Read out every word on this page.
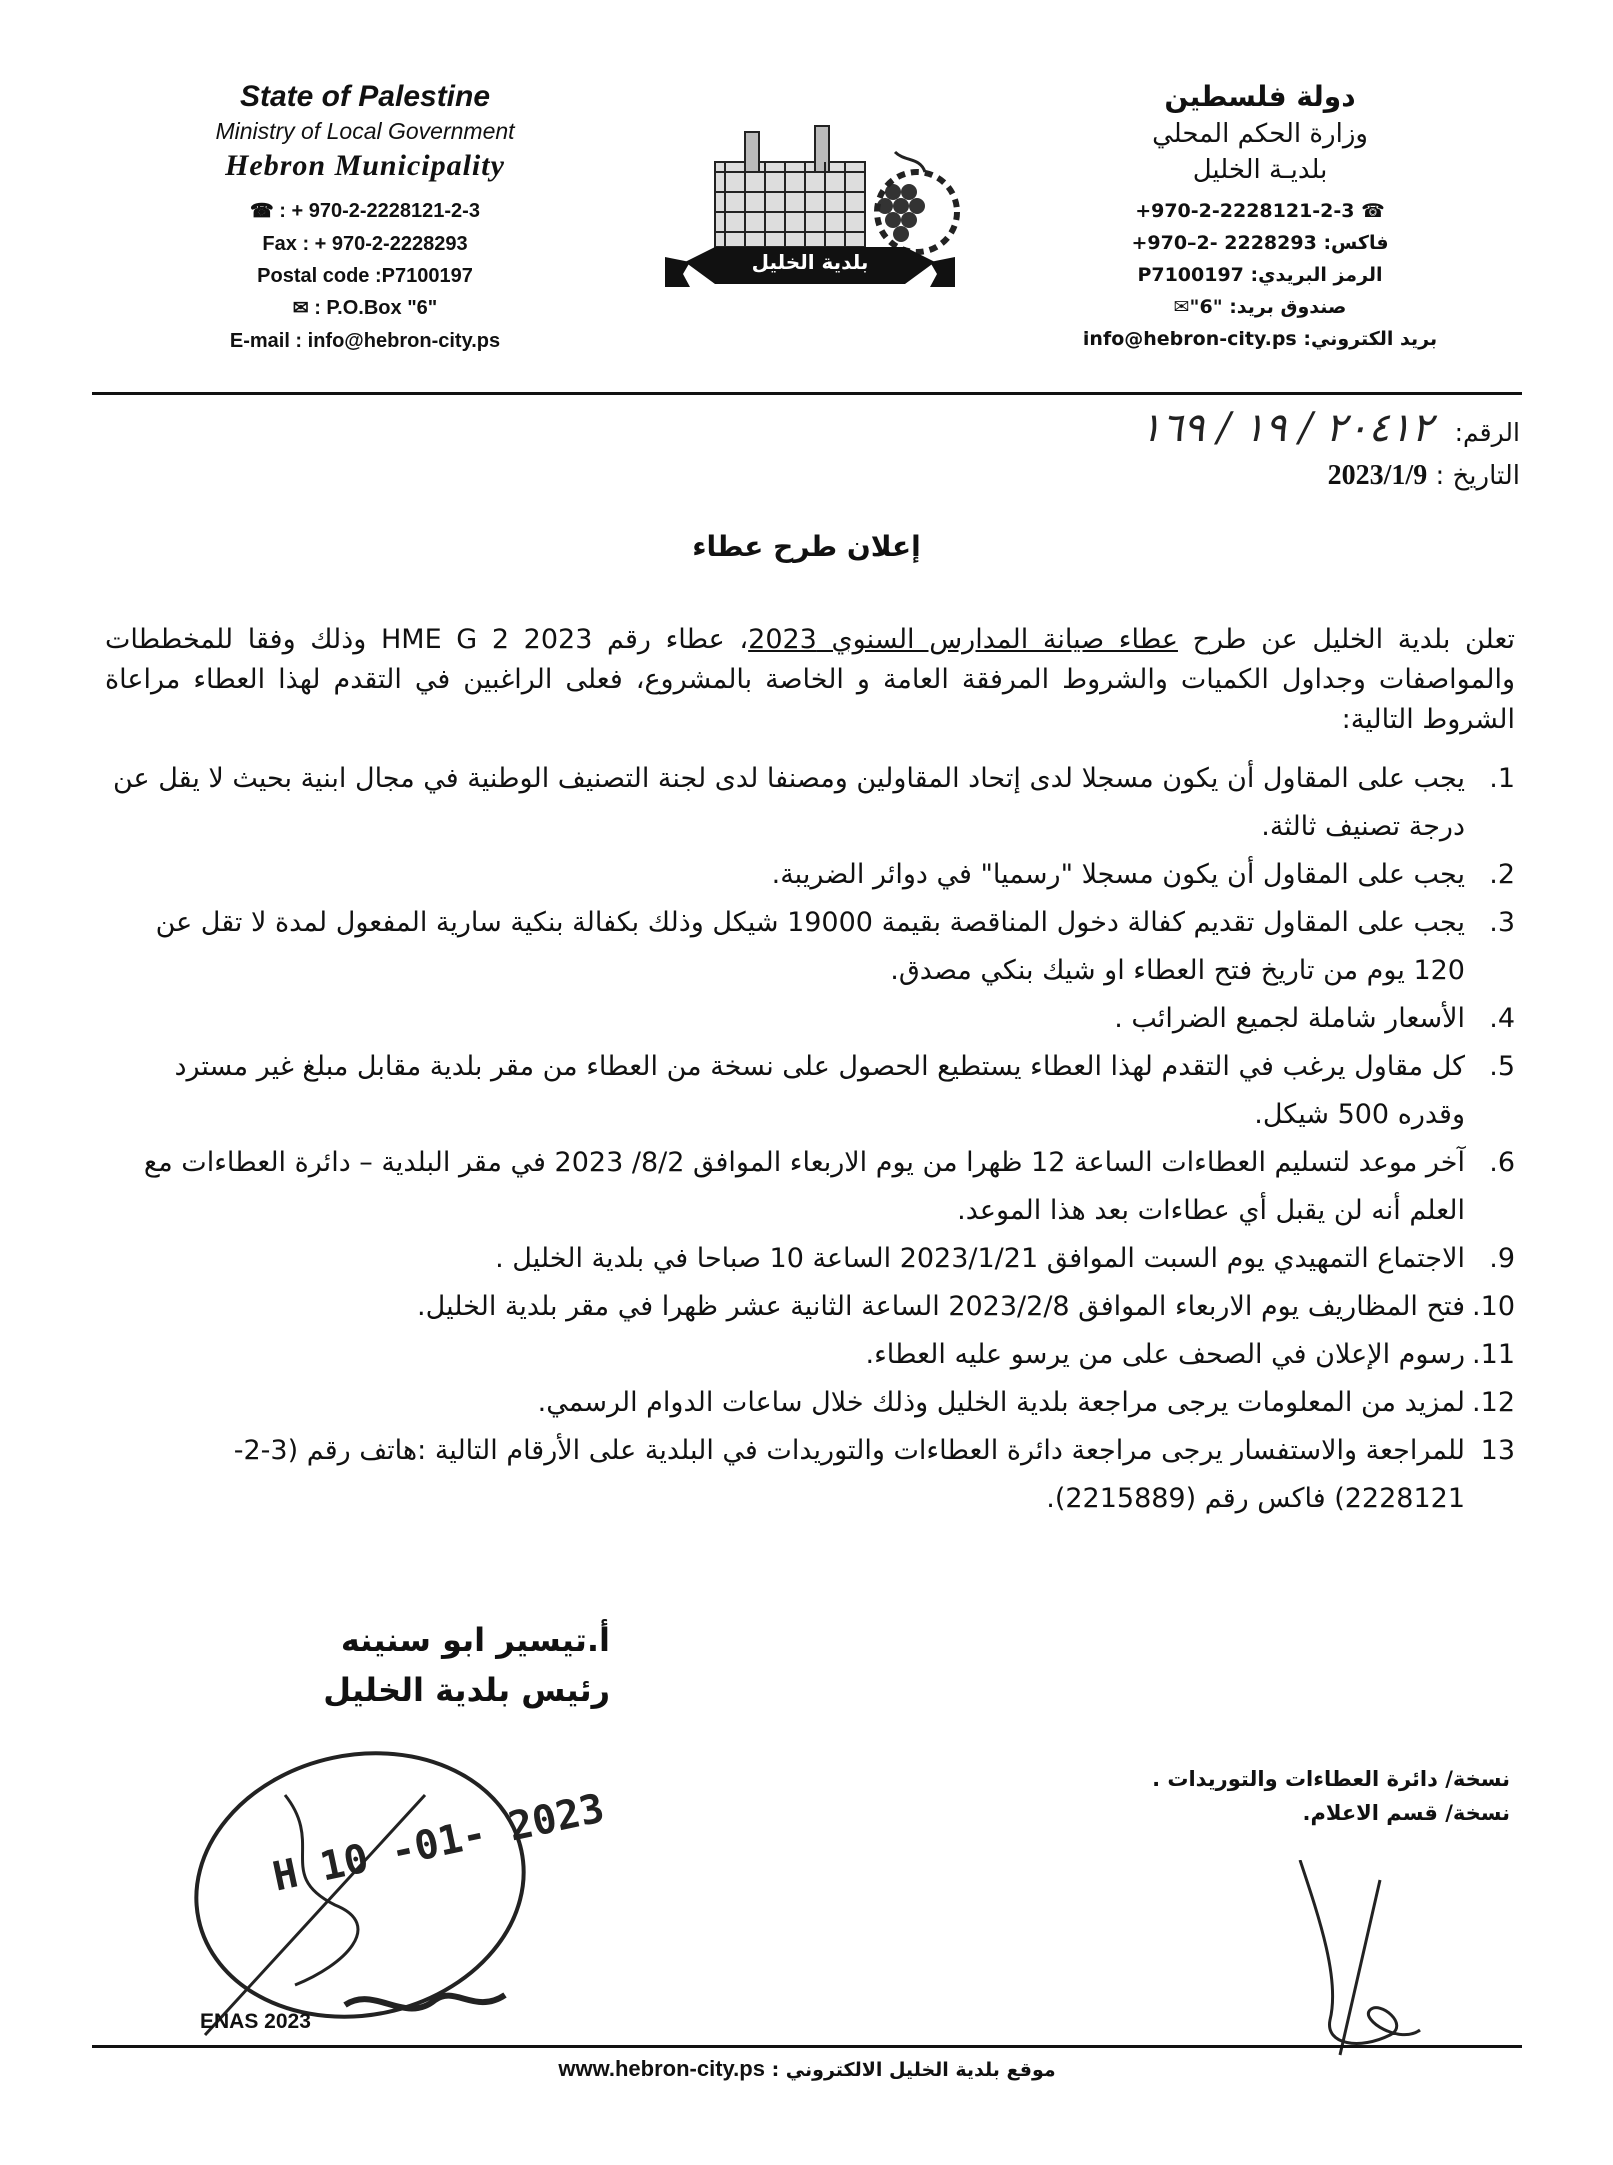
State of Palestine
Ministry of Local Government
Hebron Municipality
☎ : + 970-2-2228121-2-3
Fax : + 970-2-2228293
Postal code :P7100197
✉ : P.O.Box "6"
E-mail : info@hebron-city.ps
بلدية الخليل
دولة فلسطين
وزارة الحكم المحلي
بلديـة الخليل
☎ +970-2-2228121-2-3
فاكس: +970–2- 2228293
الرمز البريدي: P7100197
صندوق بريد: "6"✉
بريد الكتروني: info@hebron-city.ps
الرقم: ٢٠٤١٢ / ١٩ / ١٦٩
التاريخ : 2023/1/9
إعلان طرح عطاء
تعلن بلدية الخليل عن طرح عطاء صيانة المدارس السنوي 2023، عطاء رقم HME G 2 2023 وذلك وفقا للمخططات والمواصفات وجداول الكميات والشروط المرفقة العامة و الخاصة بالمشروع، فعلى الراغبين في التقدم لهذا العطاء مراعاة الشروط التالية:
1.
يجب على المقاول أن يكون مسجلا لدى إتحاد المقاولين ومصنفا لدى لجنة التصنيف الوطنية في مجال ابنية بحيث لا يقل عن درجة تصنيف ثالثة.
2.
يجب على المقاول أن يكون مسجلا "رسميا" في دوائر الضريبة.
3.
يجب على المقاول تقديم كفالة دخول المناقصة بقيمة 19000 شيكل وذلك بكفالة بنكية سارية المفعول لمدة لا تقل عن 120 يوم من تاريخ فتح العطاء او شيك بنكي مصدق.
4.
الأسعار شاملة لجميع الضرائب .
5.
كل مقاول يرغب في التقدم لهذا العطاء يستطيع الحصول على نسخة من العطاء من مقر بلدية مقابل مبلغ غير مسترد وقدره 500 شيكل.
6.
آخر موعد لتسليم العطاءات الساعة 12 ظهرا من يوم الاربعاء الموافق 8/2/ 2023 في مقر البلدية – دائرة العطاءات مع العلم أنه لن يقبل أي عطاءات بعد هذا الموعد.
9.
الاجتماع التمهيدي يوم السبت الموافق 2023/1/21 الساعة 10 صباحا في بلدية الخليل .
10.
فتح المظاريف يوم الاربعاء الموافق 2023/2/8 الساعة الثانية عشر ظهرا في مقر بلدية الخليل.
11.
رسوم الإعلان في الصحف على من يرسو عليه العطاء.
12.
لمزيد من المعلومات يرجى مراجعة بلدية الخليل وذلك خلال ساعات الدوام الرسمي.
13
للمراجعة والاستفسار يرجى مراجعة دائرة العطاءات والتوريدات في البلدية على الأرقام التالية :هاتف رقم (3-2-2228121) فاكس رقم (2215889).
أ.تيسير ابو سنينه
رئيس بلدية الخليل
H 10 -01- 2023
نسخة/ دائرة العطاءات والتوريدات .
نسخة/ قسم الاعلام.
ENAS 2023
موقع بلدية الخليل الالكتروني : www.hebron-city.ps
